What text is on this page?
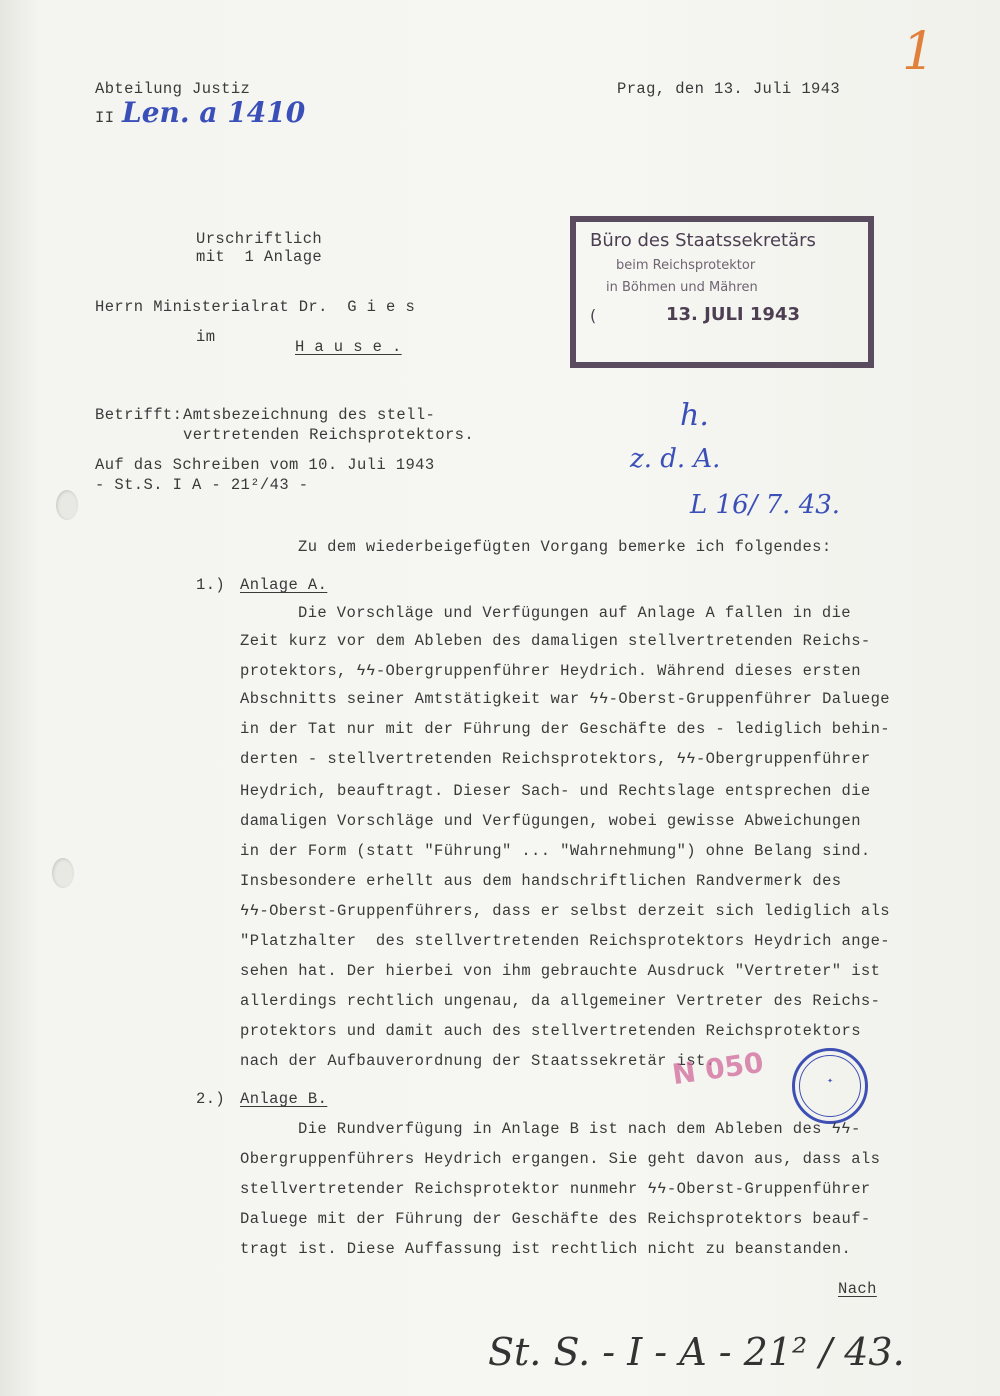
1
Abteilung Justiz
II Len. a 1410
Prag, den 13. Juli 1943
Urschriftlich
mit  1 Anlage
Herrn Ministerialrat Dr.  G i e s
im
H a u s e .
Büro des Staatssekretärs
beim Reichsprotektor
in Böhmen und Mähren
(	13. JULI 1943
Betrifft: Amtsbezeichnung des stell-
vertretenden Reichsprotektors.
Auf das Schreiben vom 10. Juli 1943
- St.S. I A - 21²/43 -
h.
z. d. A.
L 16/ 7. 43.
Zu dem wiederbeigefügten Vorgang bemerke ich folgendes:
1.) Anlage A.
Die Vorschläge und Verfügungen auf Anlage A fallen in die
Zeit kurz vor dem Ableben des damaligen stellvertretenden Reichs-
protektors, ϟϟ-Obergruppenführer Heydrich. Während dieses ersten
Abschnitts seiner Amtstätigkeit war ϟϟ-Oberst-Gruppenführer Daluege
in der Tat nur mit der Führung der Geschäfte des - lediglich behin-
derten - stellvertretenden Reichsprotektors, ϟϟ-Obergruppenführer
Heydrich, beauftragt. Dieser Sach- und Rechtslage entsprechen die
damaligen Vorschläge und Verfügungen, wobei gewisse Abweichungen
in der Form (statt "Führung" ... "Wahrnehmung") ohne Belang sind.
Insbesondere erhellt aus dem handschriftlichen Randvermerk des
ϟϟ-Oberst-Gruppenführers, dass er selbst derzeit sich lediglich als
"Platzhalter  des stellvertretenden Reichsprotektors Heydrich ange-
sehen hat. Der hierbei von ihm gebrauchte Ausdruck "Vertreter" ist
allerdings rechtlich ungenau, da allgemeiner Vertreter des Reichs-
protektors und damit auch des stellvertretenden Reichsprotektors
nach der Aufbauverordnung der Staatssekretär ist.
N 050	✦
2.) Anlage B.
Die Rundverfügung in Anlage B ist nach dem Ableben des ϟϟ-
Obergruppenführers Heydrich ergangen. Sie geht davon aus, dass als
stellvertretender Reichsprotektor nunmehr ϟϟ-Oberst-Gruppenführer
Daluege mit der Führung der Geschäfte des Reichsprotektors beauf-
tragt ist. Diese Auffassung ist rechtlich nicht zu beanstanden.
Nach
St. S. - I - A - 21² / 43.
